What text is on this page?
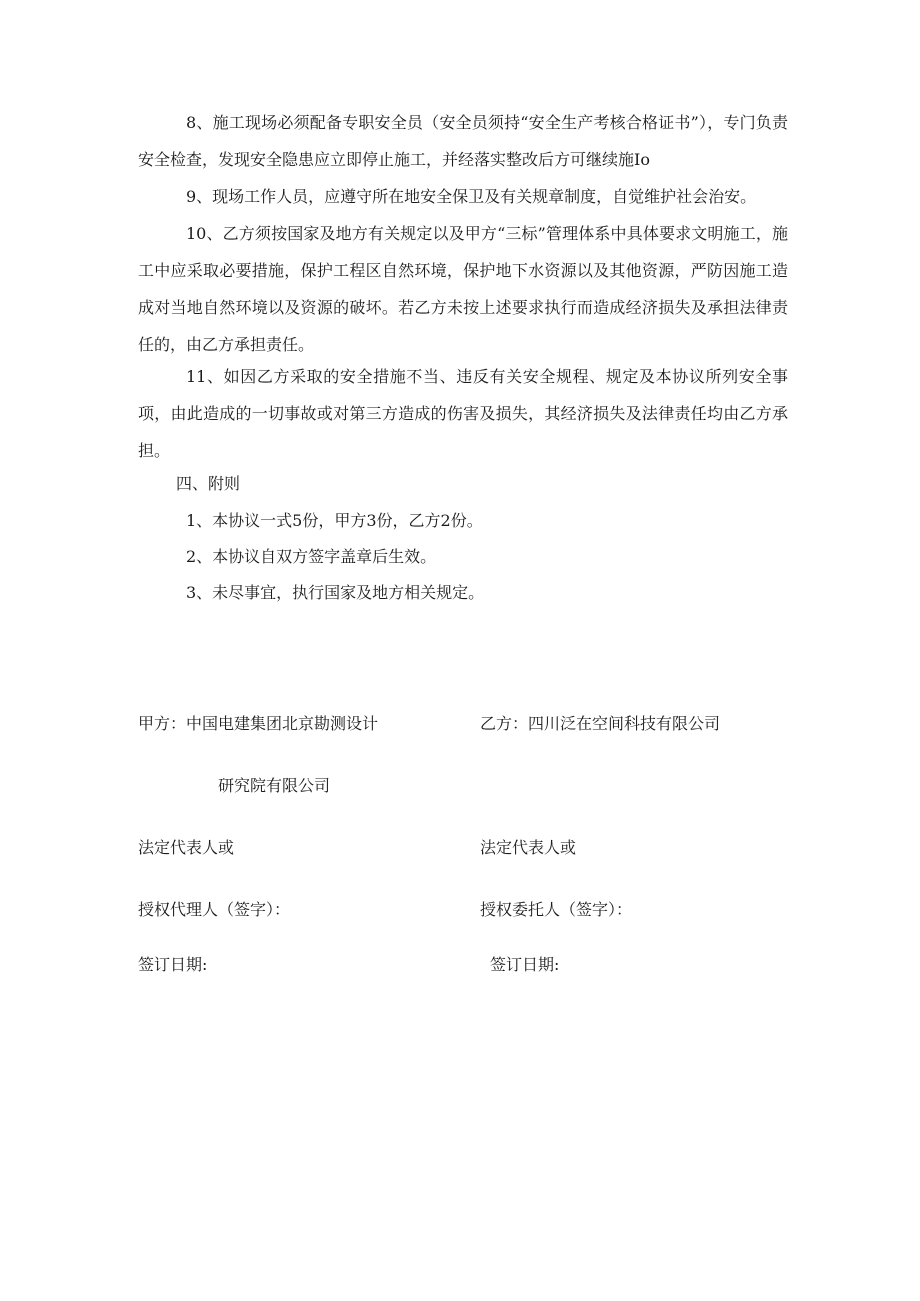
8、施工现场必须配备专职安全员（安全员须持“安全生产考核合格证书”），专门负责安全检查，发现安全隐患应立即停止施工，并经落实整改后方可继续施Io

9、现场工作人员，应遵守所在地安全保卫及有关规章制度，自觉维护社会治安。

10、乙方须按国家及地方有关规定以及甲方“三标”管理体系中具体要求文明施工，施工中应采取必要措施，保护工程区自然环境，保护地下水资源以及其他资源，严防因施工造成对当地自然环境以及资源的破坏。若乙方未按上述要求执行而造成经济损失及承担法律责任的，由乙方承担责任。

11、如因乙方采取的安全措施不当、违反有关安全规程、规定及本协议所列安全事项，由此造成的一切事故或对第三方造成的伤害及损失，其经济损失及法律责任均由乙方承担。

四、附则

1、本协议一式5份，甲方3份，乙方2份。

2、本协议自双方签字盖章后生效。

3、未尽事宜，执行国家及地方相关规定。

甲方：中国电建集团北京勘测设计	乙方：四川泛在空间科技有限公司

研究院有限公司

法定代表人或	法定代表人或

授权代理人（签字）：	授权委托人（签字）：

签订日期:	签订日期:
